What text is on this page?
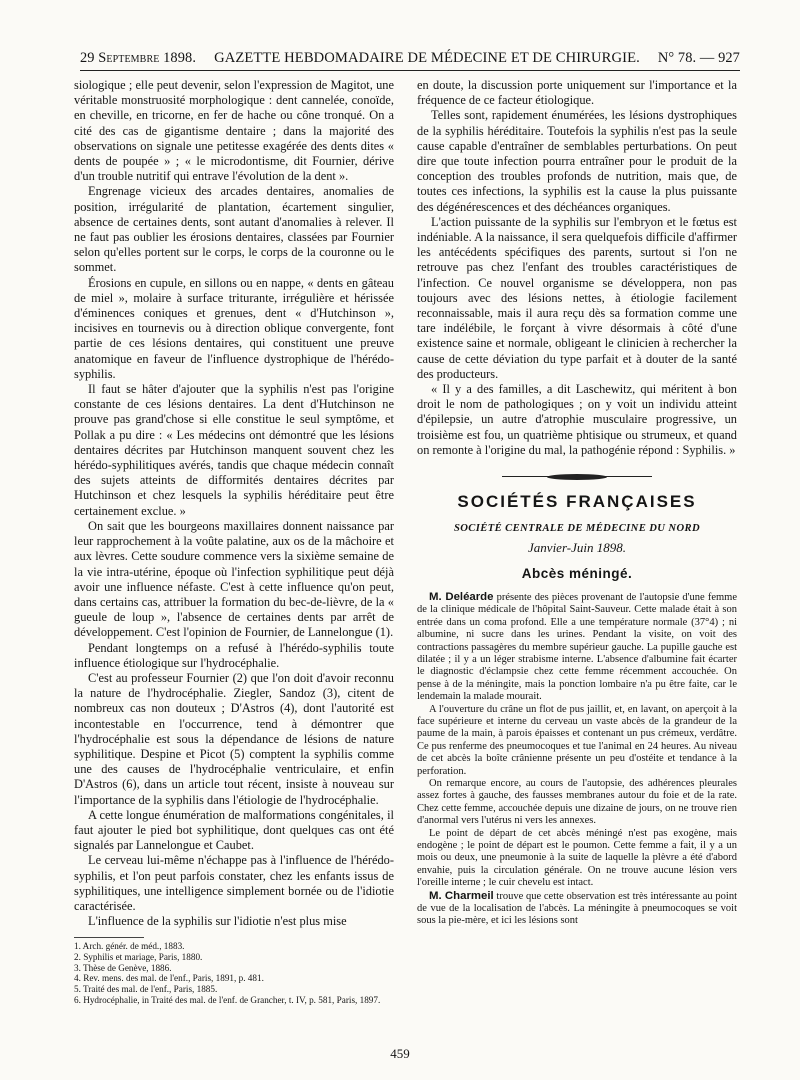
29 Septembre 1898. GAZETTE HEBDOMADAIRE DE MÉDECINE ET DE CHIRURGIE. N° 78. — 927

siologique ; elle peut devenir, selon l'expression de Magitot, une véritable monstruosité morphologique : dent cannelée, conoïde, en cheville, en tricorne, en fer de hache ou cône tronqué. On a cité des cas de gigantisme dentaire ; dans la majorité des observations on signale une petitesse exagérée des dents dites « dents de poupée » ; « le microdontisme, dit Fournier, dérive d'un trouble nutritif qui entrave l'évolution de la dent ».

Engrenage vicieux des arcades dentaires, anomalies de position, irrégularité de plantation, écartement singulier, absence de certaines dents, sont autant d'anomalies à relever. Il ne faut pas oublier les érosions dentaires, classées par Fournier selon qu'elles portent sur le corps, le corps de la couronne ou le sommet.

Érosions en cupule, en sillons ou en nappe, « dents en gâteau de miel », molaire à surface triturante, irrégulière et hérissée d'éminences coniques et grenues, dent « d'Hutchinson », incisives en tournevis ou à direction oblique convergente, font partie de ces lésions dentaires, qui constituent une preuve anatomique en faveur de l'influence dystrophique de l'hérédo-syphilis.

Il faut se hâter d'ajouter que la syphilis n'est pas l'origine constante de ces lésions dentaires. La dent d'Hutchinson ne prouve pas grand'chose si elle constitue le seul symptôme, et Pollak a pu dire : « Les médecins ont démontré que les lésions dentaires décrites par Hutchinson manquent souvent chez les hérédo-syphilitiques avérés, tandis que chaque médecin connaît des sujets atteints de difformités dentaires décrites par Hutchinson et chez lesquels la syphilis héréditaire peut être certainement exclue. »

On sait que les bourgeons maxillaires donnent naissance par leur rapprochement à la voûte palatine, aux os de la mâchoire et aux lèvres. Cette soudure commence vers la sixième semaine de la vie intra-utérine, époque où l'infection syphilitique peut déjà avoir une influence néfaste. C'est à cette influence qu'on peut, dans certains cas, attribuer la formation du bec-de-lièvre, de la « gueule de loup », l'absence de certaines dents par arrêt de développement. C'est l'opinion de Fournier, de Lannelongue (1).

Pendant longtemps on a refusé à l'hérédo-syphilis toute influence étiologique sur l'hydrocéphalie.

C'est au professeur Fournier (2) que l'on doit d'avoir reconnu la nature de l'hydrocéphalie. Ziegler, Sandoz (3), citent de nombreux cas non douteux ; D'Astros (4), dont l'autorité est incontestable en l'occurrence, tend à démontrer que l'hydrocéphalie est sous la dépendance de lésions de nature syphilitique. Despine et Picot (5) comptent la syphilis comme une des causes de l'hydrocéphalie ventriculaire, et enfin D'Astros (6), dans un article tout récent, insiste à nouveau sur l'importance de la syphilis dans l'étiologie de l'hydrocéphalie.

A cette longue énumération de malformations congénitales, il faut ajouter le pied bot syphilitique, dont quelques cas ont été signalés par Lannelongue et Caubet.

Le cerveau lui-même n'échappe pas à l'influence de l'hérédo-syphilis, et l'on peut parfois constater, chez les enfants issus de syphilitiques, une intelligence simplement bornée ou de l'idiotie caractérisée.

L'influence de la syphilis sur l'idiotie n'est plus mise

1. Arch. génér. de méd., 1883.
2. Syphilis et mariage, Paris, 1880.
3. Thèse de Genève, 1886.
4. Rev. mens. des mal. de l'enf., Paris, 1891, p. 481.
5. Traité des mal. de l'enf., Paris, 1885.
6. Hydrocéphalie, in Traité des mal. de l'enf. de Grancher, t. IV, p. 581, Paris, 1897.

en doute, la discussion porte uniquement sur l'importance et la fréquence de ce facteur étiologique.

Telles sont, rapidement énumérées, les lésions dystrophiques de la syphilis héréditaire. Toutefois la syphilis n'est pas la seule cause capable d'entraîner de semblables perturbations. On peut dire que toute infection pourra entraîner pour le produit de la conception des troubles profonds de nutrition, mais que, de toutes ces infections, la syphilis est la cause la plus puissante des dégénérescences et des déchéances organiques.

L'action puissante de la syphilis sur l'embryon et le fœtus est indéniable. A la naissance, il sera quelquefois difficile d'affirmer les antécédents spécifiques des parents, surtout si l'on ne retrouve pas chez l'enfant des troubles caractéristiques de l'infection. Ce nouvel organisme se développera, non pas toujours avec des lésions nettes, à étiologie facilement reconnaissable, mais il aura reçu dès sa formation comme une tare indélébile, le forçant à vivre désormais à côté d'une existence saine et normale, obligeant le clinicien à rechercher la cause de cette déviation du type parfait et à douter de la santé des producteurs.

« Il y a des familles, a dit Laschewitz, qui méritent à bon droit le nom de pathologiques ; on y voit un individu atteint d'épilepsie, un autre d'atrophie musculaire progressive, un troisième est fou, un quatrième phtisique ou strumeux, et quand on remonte à l'origine du mal, la pathogénie répond : Syphilis. »

SOCIÉTÉS FRANÇAISES
SOCIÉTÉ CENTRALE DE MÉDECINE DU NORD
Janvier-Juin 1898.
Abcès méningé.

M. Deléarde présente des pièces provenant de l'autopsie d'une femme de la clinique médicale de l'hôpital Saint-Sauveur. Cette malade était à son entrée dans un coma profond. Elle a une température normale (37°4) ; ni albumine, ni sucre dans les urines. Pendant la visite, on voit des contractions passagères du membre supérieur gauche. La pupille gauche est dilatée ; il y a un léger strabisme interne. L'absence d'albumine fait écarter le diagnostic d'éclampsie chez cette femme récemment accouchée. On pense à de la méningite, mais la ponction lombaire n'a pu être faite, car le lendemain la malade mourait.

A l'ouverture du crâne un flot de pus jaillit, et, en lavant, on aperçoit à la face supérieure et interne du cerveau un vaste abcès de la grandeur de la paume de la main, à parois épaisses et contenant un pus crémeux, verdâtre. Ce pus renferme des pneumocoques et tue l'animal en 24 heures. Au niveau de cet abcès la boîte crânienne présente un peu d'ostéite et tendance à la perforation.

On remarque encore, au cours de l'autopsie, des adhérences pleurales assez fortes à gauche, des fausses membranes autour du foie et de la rate. Chez cette femme, accouchée depuis une dizaine de jours, on ne trouve rien d'anormal vers l'utérus ni vers les annexes.

Le point de départ de cet abcès méningé n'est pas exogène, mais endogène ; le point de départ est le poumon. Cette femme a fait, il y a un mois ou deux, une pneumonie à la suite de laquelle la plèvre a été d'abord envahie, puis la circulation générale. On ne trouve aucune lésion vers l'oreille interne ; le cuir chevelu est intact.

M. Charmeil trouve que cette observation est très intéressante au point de vue de la localisation de l'abcès. La méningite à pneumocoques se voit sous la pie-mère, et ici les lésions sont

459
